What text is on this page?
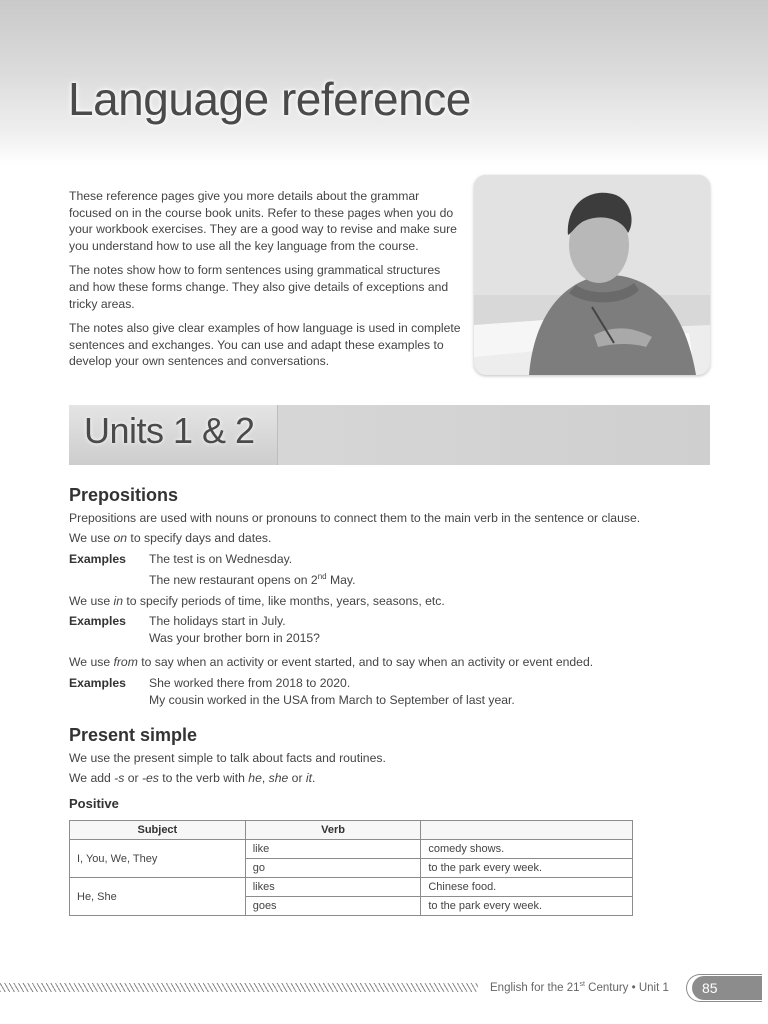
Language reference

These reference pages give you more details about the grammar focused on in the course book units. Refer to these pages when you do your workbook exercises. They are a good way to revise and make sure you understand how to use all the key language from the course.

The notes show how to form sentences using grammatical structures and how these forms change. They also give details of exceptions and tricky areas.

The notes also give clear examples of how language is used in complete sentences and exchanges. You can use and adapt these examples to develop your own sentences and conversations.

Units 1 & 2
Prepositions
Prepositions are used with nouns or pronouns to connect them to the main verb in the sentence or clause.
We use on to specify days and dates.
Examples The test is on Wednesday.
The new restaurant opens on 2nd May.
We use in to specify periods of time, like months, years, seasons, etc.
Examples The holidays start in July.
Was your brother born in 2015?
We use from to say when an activity or event started, and to say when an activity or event ended.
Examples She worked there from 2018 to 2020.
My cousin worked in the USA from March to September of last year.
Present simple
We use the present simple to talk about facts and routines.
We add -s or -es to the verb with he, she or it.
Positive
Subject	Verb	
I, You, We, They	like	comedy shows.
	go	to the park every week.
He, She	likes	Chinese food.
	goes	to the park every week.
English for the 21st Century • Unit 1	85
